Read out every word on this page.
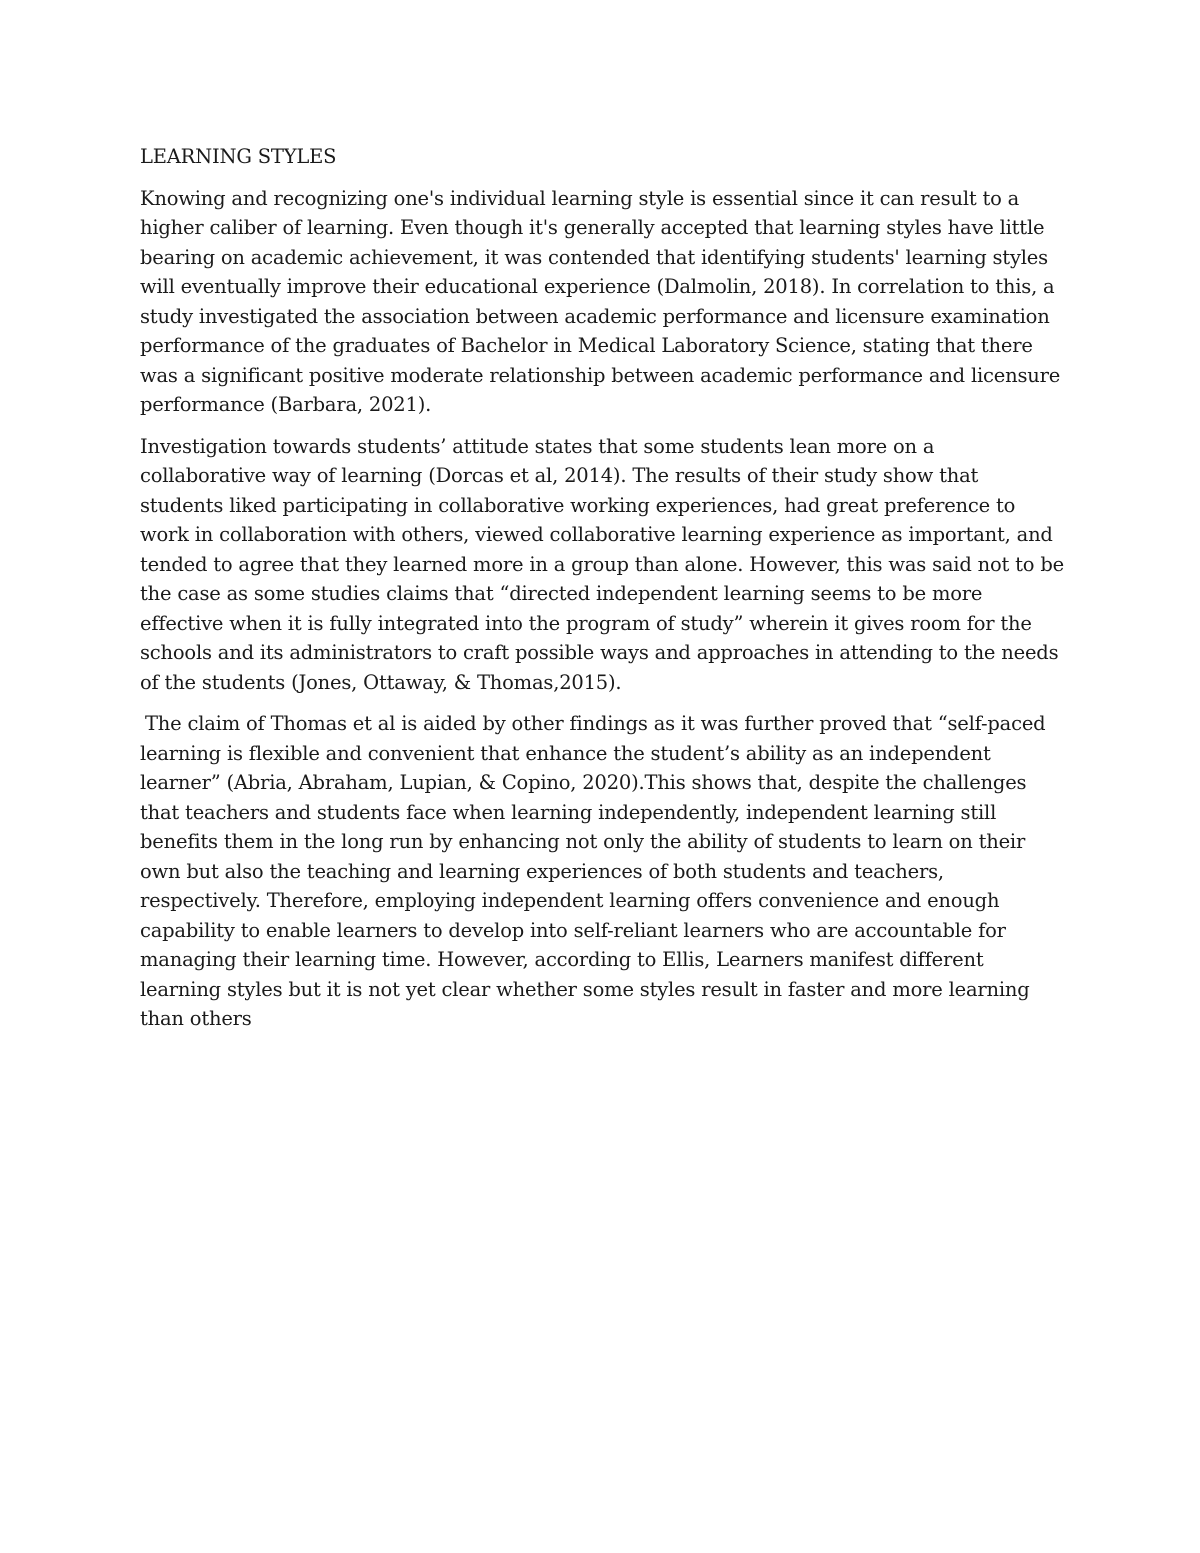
LEARNING STYLES

Knowing and recognizing one's individual learning style is essential since it can result to a higher caliber of learning. Even though it's generally accepted that learning styles have little bearing on academic achievement, it was contended that identifying students' learning styles will eventually improve their educational experience (Dalmolin, 2018). In correlation to this, a study investigated the association between academic performance and licensure examination performance of the graduates of Bachelor in Medical Laboratory Science, stating that there was a significant positive moderate relationship between academic performance and licensure performance (Barbara, 2021).

Investigation towards students’ attitude states that some students lean more on a collaborative way of learning (Dorcas et al, 2014). The results of their study show that students liked participating in collaborative working experiences, had great preference to work in collaboration with others, viewed collaborative learning experience as important, and tended to agree that they learned more in a group than alone. However, this was said not to be the case as some studies claims that “directed independent learning seems to be more effective when it is fully integrated into the program of study” wherein it gives room for the schools and its administrators to craft possible ways and approaches in attending to the needs of the students (Jones, Ottaway, & Thomas,2015).

The claim of Thomas et al is aided by other findings as it was further proved that “self-paced learning is flexible and convenient that enhance the student’s ability as an independent learner” (Abria, Abraham, Lupian, & Copino, 2020).This shows that, despite the challenges that teachers and students face when learning independently, independent learning still benefits them in the long run by enhancing not only the ability of students to learn on their own but also the teaching and learning experiences of both students and teachers, respectively. Therefore, employing independent learning offers convenience and enough capability to enable learners to develop into self-reliant learners who are accountable for managing their learning time. However, according to Ellis, Learners manifest different learning styles but it is not yet clear whether some styles result in faster and more learning than others
